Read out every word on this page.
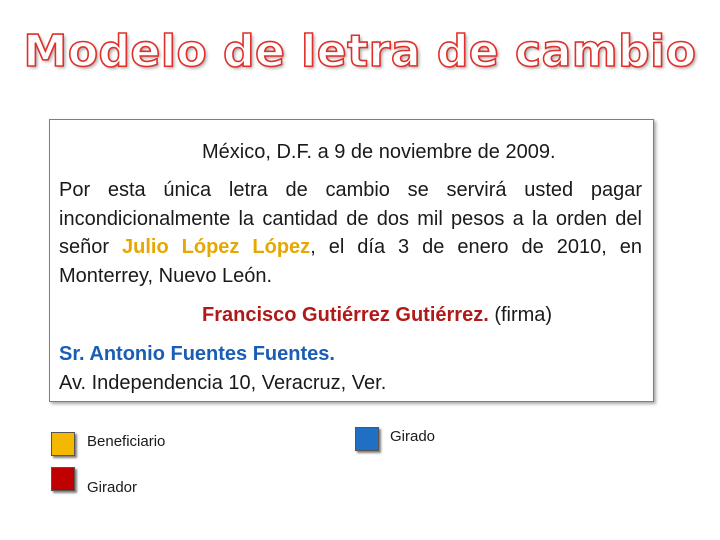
Modelo de letra de cambio
México, D.F. a 9 de noviembre de 2009.
Por esta única letra de cambio se servirá usted pagar incondicionalmente la cantidad de dos mil pesos a la orden del señor Julio López López, el día 3 de enero de 2010, en Monterrey, Nuevo León.
Francisco Gutiérrez Gutiérrez. (firma)
Sr. Antonio Fuentes Fuentes.
Av. Independencia 10, Veracruz, Ver.
Beneficiario
Girador
Girado
